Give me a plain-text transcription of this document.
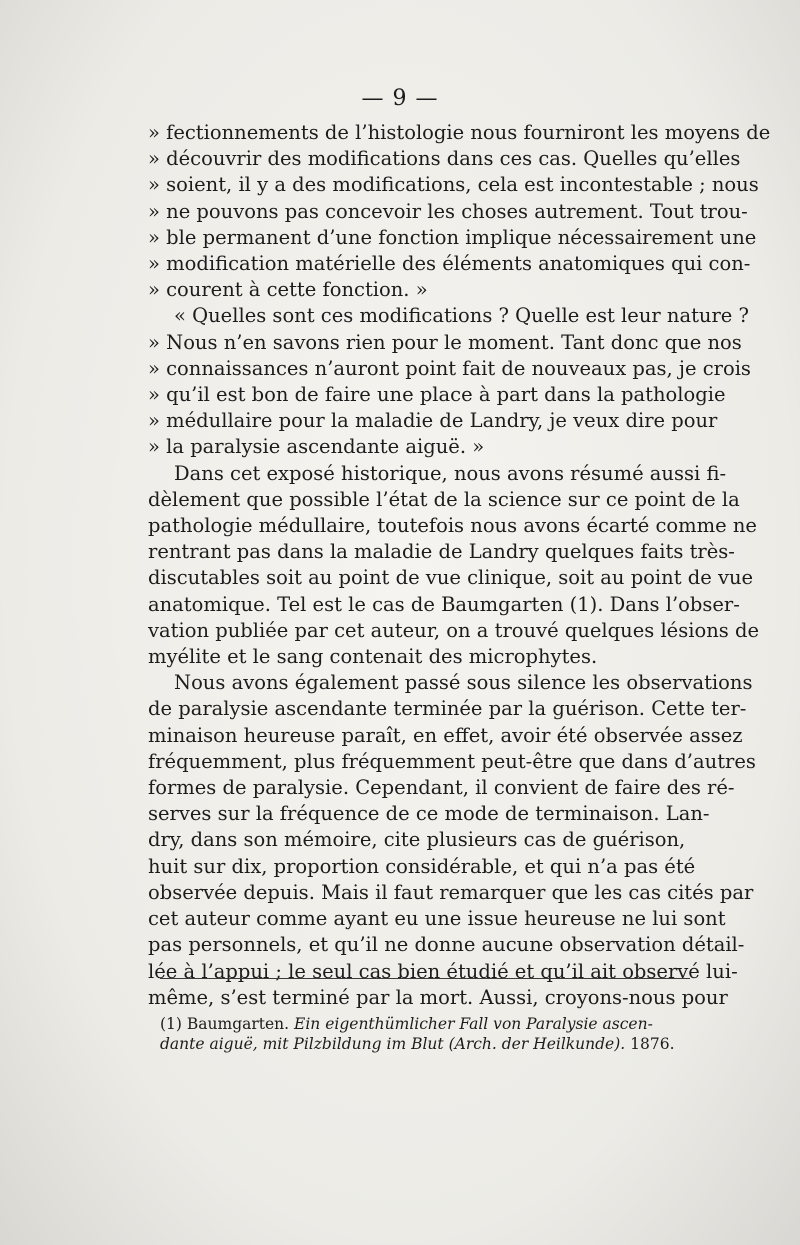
— 9 —
» fectionnements de l’histologie nous fourniront les moyens de
» découvrir des modifications dans ces cas. Quelles qu’elles
» soient, il y a des modifications, cela est incontestable ; nous
» ne pouvons pas concevoir les choses autrement. Tout trou-
» ble permanent d’une fonction implique nécessairement une
» modification matérielle des éléments anatomiques qui con-
» courent à cette fonction. »
« Quelles sont ces modifications ? Quelle est leur nature ?
» Nous n’en savons rien pour le moment. Tant donc que nos
» connaissances n’auront point fait de nouveaux pas, je crois
» qu’il est bon de faire une place à part dans la pathologie
» médullaire pour la maladie de Landry, je veux dire pour
» la paralysie ascendante aiguë. »
Dans cet exposé historique, nous avons résumé aussi fi-
dèlement que possible l’état de la science sur ce point de la
pathologie médullaire, toutefois nous avons écarté comme ne
rentrant pas dans la maladie de Landry quelques faits très-
discutables soit au point de vue clinique, soit au point de vue
anatomique. Tel est le cas de Baumgarten (1). Dans l’obser-
vation publiée par cet auteur, on a trouvé quelques lésions de
myélite et le sang contenait des microphytes.
Nous avons également passé sous silence les observations
de paralysie ascendante terminée par la guérison. Cette ter-
minaison heureuse paraît, en effet, avoir été observée assez
fréquemment, plus fréquemment peut-être que dans d’autres
formes de paralysie. Cependant, il convient de faire des ré-
serves sur la fréquence de ce mode de terminaison. Lan-
dry, dans son mémoire, cite plusieurs cas de guérison,
huit sur dix, proportion considérable, et qui n’a pas été
observée depuis. Mais il faut remarquer que les cas cités par
cet auteur comme ayant eu une issue heureuse ne lui sont
pas personnels, et qu’il ne donne aucune observation détail-
lée à l’appui ; le seul cas bien étudié et qu’il ait observé lui-
même, s’est terminé par la mort. Aussi, croyons-nous pour
(1) Baumgarten. Ein eigenthümlicher Fall von Paralysie ascen-
dante aiguë, mit Pilzbildung im Blut (Arch. der Heilkunde). 1876.
